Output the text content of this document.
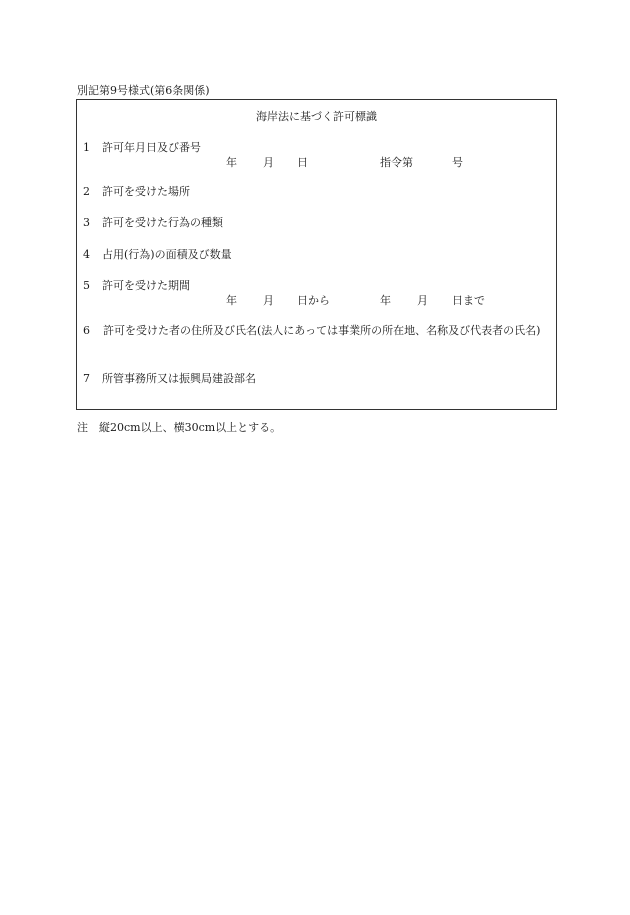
別記第9号様式(第6条関係)
海岸法に基づく許可標識
1 許可年月日及び番号
年 月 日	指令第	号
2 許可を受けた場所
3 許可を受けた行為の種類
4 占用(行為)の面積及び数量
5 許可を受けた期間
年 月 日から	年 月 日まで
6 許可を受けた者の住所及び氏名(法人にあっては事業所の所在地、名称及び代表者の氏名)
7 所管事務所又は振興局建設部名
注 縦20cm以上、横30cm以上とする。
